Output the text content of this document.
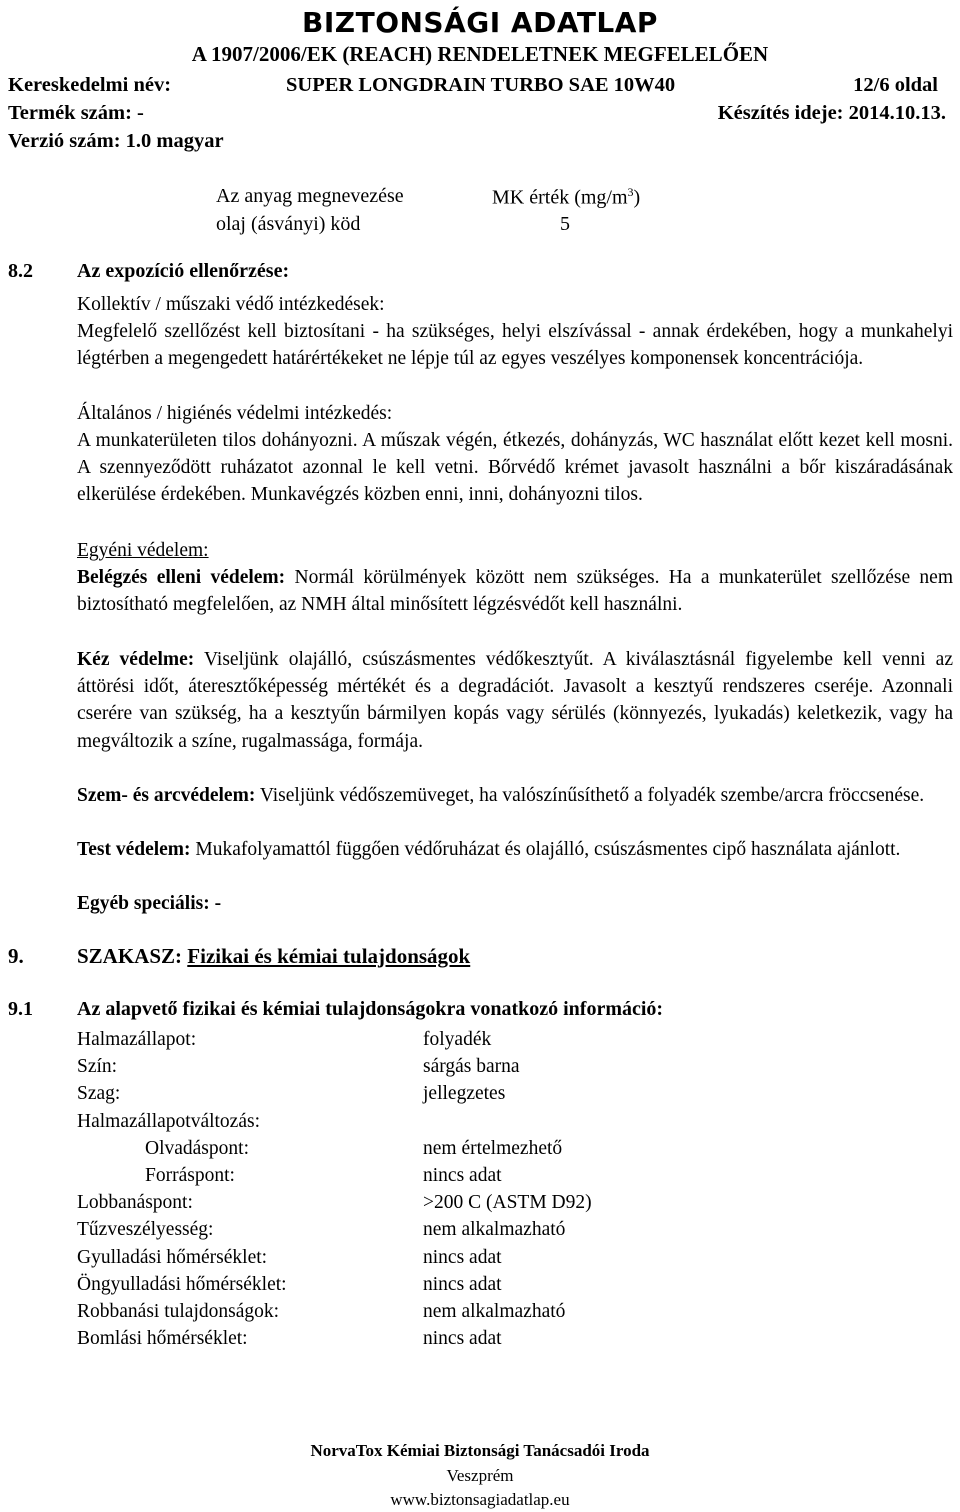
BIZTONSÁGI ADATLAP
A 1907/2006/EK (REACH) RENDELETNEK MEGFELELŐEN
Kereskedelmi név:	SUPER LONGDRAIN TURBO SAE 10W40	12/6 oldal
Termék szám: -	Készítés ideje: 2014.10.13.
Verzió szám: 1.0 magyar
Az anyag megnevezése	MK érték $(mg/m^3)$
olaj (ásványi) köd	5
8.2 Az expozíció ellenőrzése:
Kollektív / műszaki védő intézkedések:
Megfelelő szellőzést kell biztosítani - ha szükséges, helyi elszívással - annak érdekében, hogy a munkahelyi légtérben a megengedett határértékeket ne lépje túl az egyes veszélyes komponensek koncentrációja.
Általános / higiénés védelmi intézkedés:
A munkaterületen tilos dohányozni. A műszak végén, étkezés, dohányzás, WC használat előtt kezet kell mosni. A szennyeződött ruházatot azonnal le kell vetni. Bőrvédő krémet javasolt használni a bőr kiszáradásának elkerülése érdekében. Munkavégzés közben enni, inni, dohányozni tilos.
Egyéni védelem:
Belégzés elleni védelem: Normál körülmények között nem szükséges. Ha a munkaterület szellőzése nem biztosítható megfelelően, az NMH által minősített légzésvédőt kell használni.
Kéz védelme: Viseljünk olajálló, csúszásmentes védőkesztyűt. A kiválasztásnál figyelembe kell venni az áttörési időt, áteresztőképesség mértékét és a degradációt. Javasolt a kesztyű rendszeres cseréje. Azonnali cserére van szükség, ha a kesztyűn bármilyen kopás vagy sérülés (könnyezés, lyukadás) keletkezik, vagy ha megváltozik a színe, rugalmassága, formája.
Szem- és arcvédelem: Viseljünk védőszemüveget, ha valószínűsíthető a folyadék szembe/arcra fröccsenése.
Test védelem: Mukafolyamattól függően védőruházat és olajálló, csúszásmentes cipő használata ajánlott.
Egyéb speciális: -
9.	SZAKASZ: Fizikai és kémiai tulajdonságok
9.1 Az alapvető fizikai és kémiai tulajdonságokra vonatkozó információ:
Halmazállapot:	folyadék
Szín:	sárgás barna
Szag:	jellegzetes
Halmazállapotváltozás:
Olvadáspont:	nem értelmezhető
Forráspont:	nincs adat
Lobbanáspont:	>200 C (ASTM D92)
Tűzveszélyesség:	nem alkalmazható
Gyulladási hőmérséklet:	nincs adat
Öngyulladási hőmérséklet:	nincs adat
Robbanási tulajdonságok:	nem alkalmazható
Bomlási hőmérséklet:	nincs adat
NorvaTox Kémiai Biztonsági Tanácsadói Iroda
Veszprém
www.biztonsagiadatlap.eu
